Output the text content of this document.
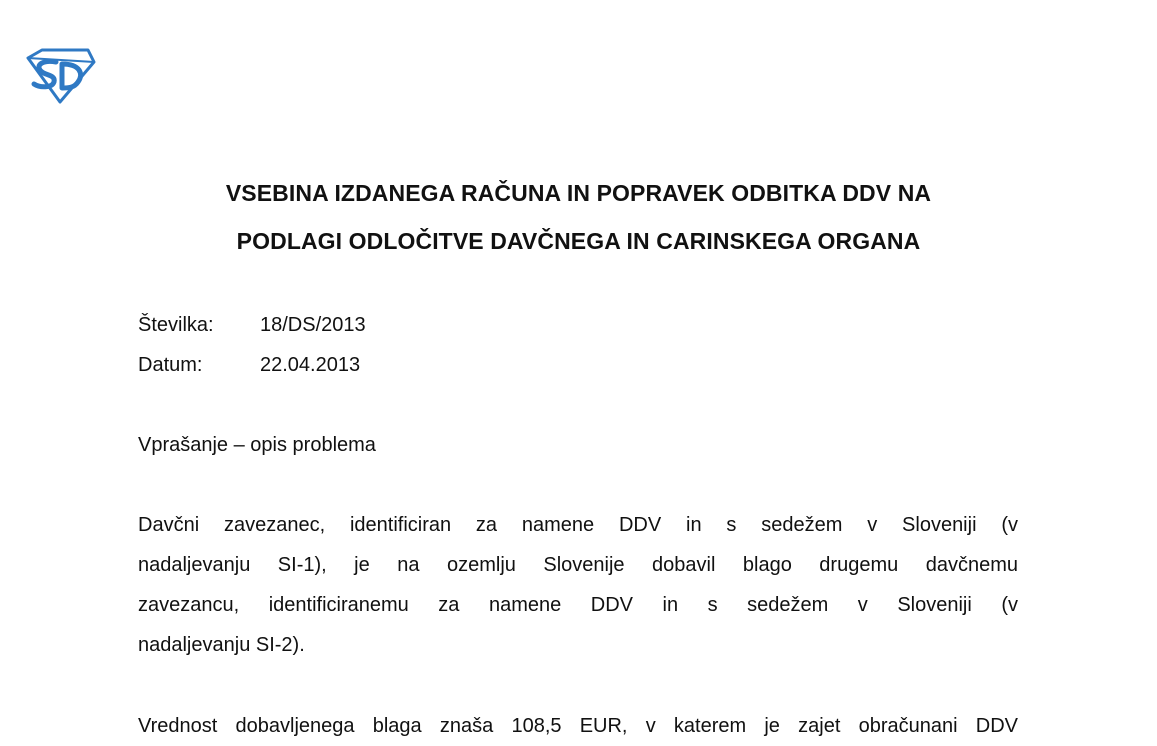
VSEBINA IZDANEGA RAČUNA IN POPRAVEK ODBITKA DDV NA
PODLAGI ODLOČITVE DAVČNEGA IN CARINSKEGA ORGANA
Številka:	18/DS/2013
Datum:	22.04.2013
Vprašanje – opis problema
Davčni zavezanec, identificiran za namene DDV in s sedežem v Sloveniji (v
nadaljevanju SI-1), je na ozemlju Slovenije dobavil blago drugemu davčnemu
zavezancu, identificiranemu za namene DDV in s sedežem v Sloveniji (v
nadaljevanju SI-2).
Vrednost dobavljenega blaga znaša 108,5 EUR, v katerem je zajet obračunani DDV
